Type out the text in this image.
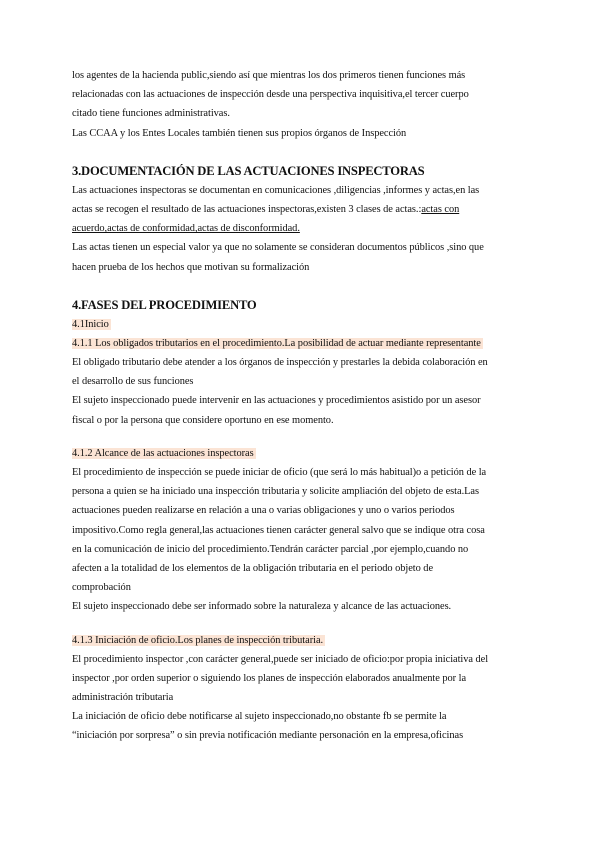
los agentes de la hacienda public,siendo así que mientras los dos primeros tienen funciones más
relacionadas con las actuaciones de inspección desde una perspectiva inquisitiva,el tercer cuerpo
citado tiene funciones administrativas.
Las CCAA y los Entes Locales también tienen sus propios órganos de Inspección
3.DOCUMENTACIÓN DE LAS ACTUACIONES INSPECTORAS
Las actuaciones inspectoras se documentan en comunicaciones ,diligencias ,informes y actas,en las
actas se recogen el resultado de las actuaciones inspectoras,existen 3 clases de actas.:actas con
acuerdo,actas de conformidad,actas de disconformidad.
Las actas tienen un especial valor ya que no solamente se consideran documentos públicos ,sino que
hacen prueba de los hechos que motivan su formalización
4.FASES DEL PROCEDIMIENTO
4.1Inicio
4.1.1 Los obligados tributarios en el procedimiento.La posibilidad de actuar mediante representante
El obligado tributario debe atender a los órganos de inspección y prestarles la debida colaboración en
el desarrollo de sus funciones
El sujeto inspeccionado puede intervenir en las actuaciones y procedimientos asistido por un asesor
fiscal o por la persona que considere oportuno en ese momento.
4.1.2 Alcance de las actuaciones inspectoras
El procedimiento de inspección se puede iniciar de oficio (que será lo más habitual)o a petición de la
persona a quien se ha iniciado una inspección tributaria y solicite ampliación del objeto de esta.Las
actuaciones pueden realizarse en relación a una o varias obligaciones y uno o varios periodos
impositivo.Como regla general,las actuaciones tienen carácter general salvo que se indique otra cosa
en la comunicación de inicio del procedimiento.Tendrán carácter parcial ,por ejemplo,cuando no
afecten a la totalidad de los elementos de la obligación tributaria en el periodo objeto de
comprobación
El sujeto inspeccionado debe ser informado sobre la naturaleza y alcance de las actuaciones.
4.1.3 Iniciación de oficio.Los planes de inspección tributaria.
El procedimiento inspector ,con carácter general,puede ser iniciado de oficio:por propia iniciativa del
inspector ,por orden superior o siguiendo los planes de inspección elaborados anualmente por la
administración tributaria
La iniciación de oficio debe notificarse al sujeto inspeccionado,no obstante fb se permite la
“iniciación por sorpresa” o sin previa notificación mediante personación en la empresa,oficinas
